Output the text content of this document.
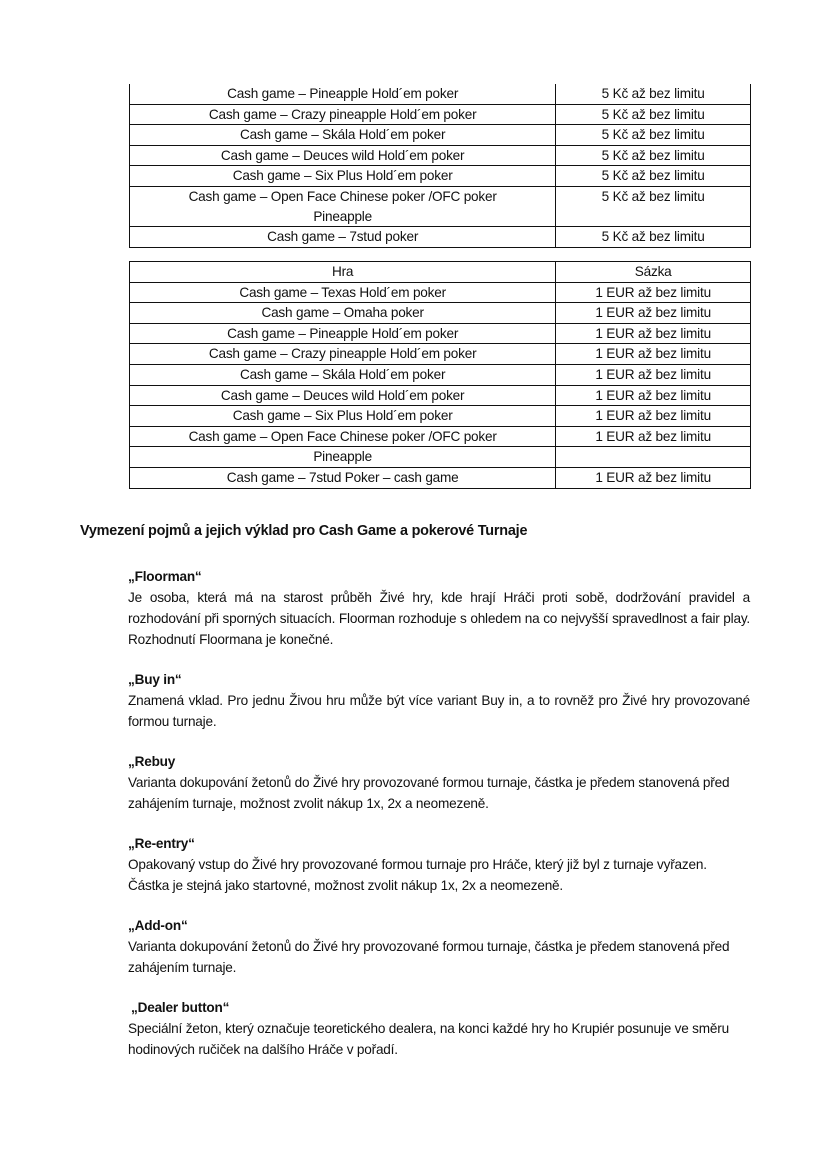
Cash game – Pineapple Hold´em poker	5 Kč až bez limitu
Cash game – Crazy pineapple Hold´em poker	5 Kč až bez limitu
Cash game – Skála Hold´em poker	5 Kč až bez limitu
Cash game – Deuces wild Hold´em poker	5 Kč až bez limitu
Cash game – Six Plus Hold´em poker	5 Kč až bez limitu

Cash game – Open Face Chinese poker /OFC poker
Pineapple	5 Kč až bez limitu
Cash game – 7stud poker	5 Kč až bez limitu
Hra	Sázka
Cash game – Texas Hold´em poker	1 EUR až bez limitu
Cash game – Omaha poker	1 EUR až bez limitu
Cash game – Pineapple Hold´em poker	1 EUR až bez limitu
Cash game – Crazy pineapple Hold´em poker	1 EUR až bez limitu
Cash game – Skála Hold´em poker	1 EUR až bez limitu
Cash game – Deuces wild Hold´em poker	1 EUR až bez limitu
Cash game – Six Plus Hold´em poker	1 EUR až bez limitu
Cash game – Open Face Chinese poker /OFC poker	1 EUR až bez limitu
Pineapple	
Cash game – 7stud Poker – cash game	1 EUR až bez limitu
Vymezení pojmů a jejich výklad pro Cash Game a pokerové Turnaje
„Floorman“
Je osoba, která má na starost průběh Živé hry, kde hrají Hráči proti sobě, dodržování pravidel a rozhodování při sporných situacích. Floorman rozhoduje s ohledem na co nejvyšší spravedlnost a fair play. Rozhodnutí Floormana je konečné.
„Buy in“
Znamená vklad. Pro jednu Živou hru může být více variant Buy in, a to rovněž pro Živé hry provozované formou turnaje.
„Rebuy
Varianta dokupování žetonů do Živé hry provozované formou turnaje, částka je předem stanovená před zahájením turnaje, možnost zvolit nákup 1x, 2x a neomezeně.
„Re-entry“
Opakovaný vstup do Živé hry provozované formou turnaje pro Hráče, který již byl z turnaje vyřazen. Částka je stejná jako startovné, možnost zvolit nákup 1x, 2x a neomezeně.
„Add-on“
Varianta dokupování žetonů do Živé hry provozované formou turnaje, částka je předem stanovená před zahájením turnaje.
„Dealer button“
Speciální žeton, který označuje teoretického dealera, na konci každé hry ho Krupiér posunuje ve směru hodinových ručiček na dalšího Hráče v pořadí.
